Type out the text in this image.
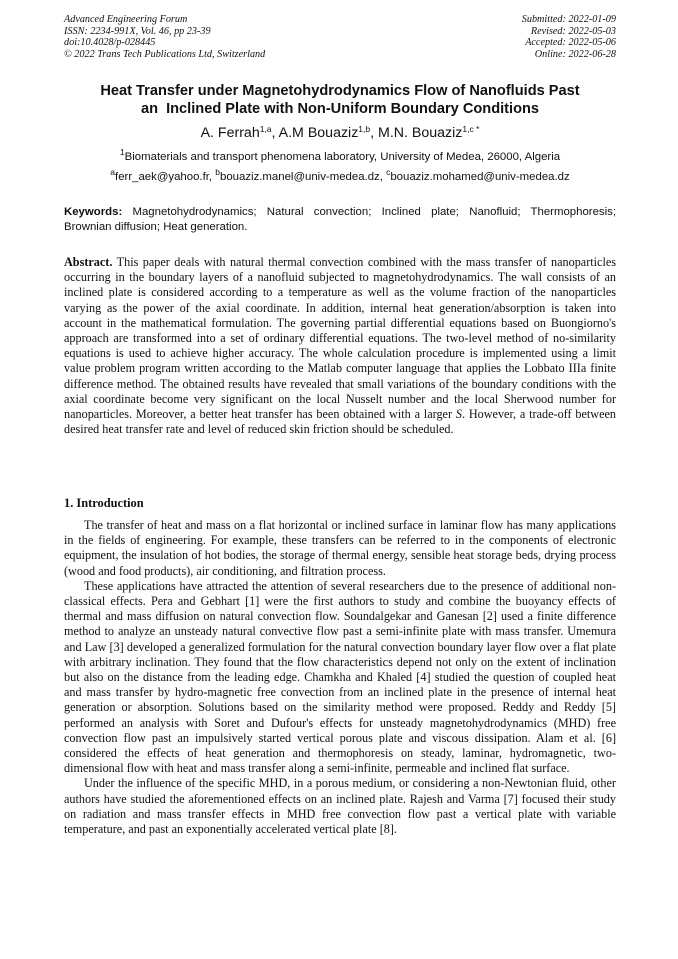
Advanced Engineering Forum
ISSN: 2234-991X, Vol. 46, pp 23-39
doi:10.4028/p-028445
© 2022 Trans Tech Publications Ltd, Switzerland
Submitted: 2022-01-09
Revised: 2022-05-03
Accepted: 2022-05-06
Online: 2022-06-28
Heat Transfer under Magnetohydrodynamics Flow of Nanofluids Past
an  Inclined Plate with Non-Uniform Boundary Conditions
A. Ferrah$^{1,a}$, A.M Bouaziz$^{1,b}$, M.N. Bouaziz$^{1,c *}$
$^1$Biomaterials and transport phenomena laboratory, University of Medea, 26000, Algeria
$^a$ferr_aek@yahoo.fr, $^b$bouaziz.manel@univ-medea.dz, $^c$bouaziz.mohamed@univ-medea.dz
Keywords: Magnetohydrodynamics; Natural convection; Inclined plate; Nanofluid; Thermophoresis; Brownian diffusion; Heat generation.
Abstract. This paper deals with natural thermal convection combined with the mass transfer of nanoparticles occurring in the boundary layers of a nanofluid subjected to magnetohydrodynamics. The wall consists of an inclined plate is considered according to a temperature as well as the volume fraction of the nanoparticles varying as the power of the axial coordinate. In addition, internal heat generation/absorption is taken into account in the mathematical formulation. The governing partial differential equations based on Buongiorno's approach are transformed into a set of ordinary differential equations. The two-level method of no-similarity equations is used to achieve higher accuracy. The whole calculation procedure is implemented using a limit value problem program written according to the Matlab computer language that applies the Lobbato IIIa finite difference method. The obtained results have revealed that small variations of the boundary conditions with the axial coordinate become very significant on the local Nusselt number and the local Sherwood number for nanoparticles. Moreover, a better heat transfer has been obtained with a larger S. However, a trade-off between desired heat transfer rate and level of reduced skin friction should be scheduled.
1. Introduction

The transfer of heat and mass on a flat horizontal or inclined surface in laminar flow has many applications in the fields of engineering. For example, these transfers can be referred to in the components of electronic equipment, the insulation of hot bodies, the storage of thermal energy, sensible heat storage beds, drying process (wood and food products), air conditioning, and filtration process.

These applications have attracted the attention of several researchers due to the presence of additional non-classical effects. Pera and Gebhart [1] were the first authors to study and combine the buoyancy effects of thermal and mass diffusion on natural convection flow. Soundalgekar and Ganesan [2] used a finite difference method to analyze an unsteady natural convective flow past a semi-infinite plate with mass transfer. Umemura and Law [3] developed a generalized formulation for the natural convection boundary layer flow over a flat plate with arbitrary inclination. They found that the flow characteristics depend not only on the extent of inclination but also on the distance from the leading edge. Chamkha and Khaled [4] studied the question of coupled heat and mass transfer by hydro-magnetic free convection from an inclined plate in the presence of internal heat generation or absorption. Solutions based on the similarity method were proposed. Reddy and Reddy [5] performed an analysis with Soret and Dufour's effects for unsteady magnetohydrodynamics (MHD) free convection flow past an impulsively started vertical porous plate and viscous dissipation. Alam et al. [6] considered the effects of heat generation and thermophoresis on steady, laminar, hydromagnetic, two-dimensional flow with heat and mass transfer along a semi-infinite, permeable and inclined flat surface.

Under the influence of the specific MHD, in a porous medium, or considering a non-Newtonian fluid, other authors have studied the aforementioned effects on an inclined plate. Rajesh and Varma [7] focused their study on radiation and mass transfer effects in MHD free convection flow past a vertical plate with variable temperature, and past an exponentially accelerated vertical plate [8].
